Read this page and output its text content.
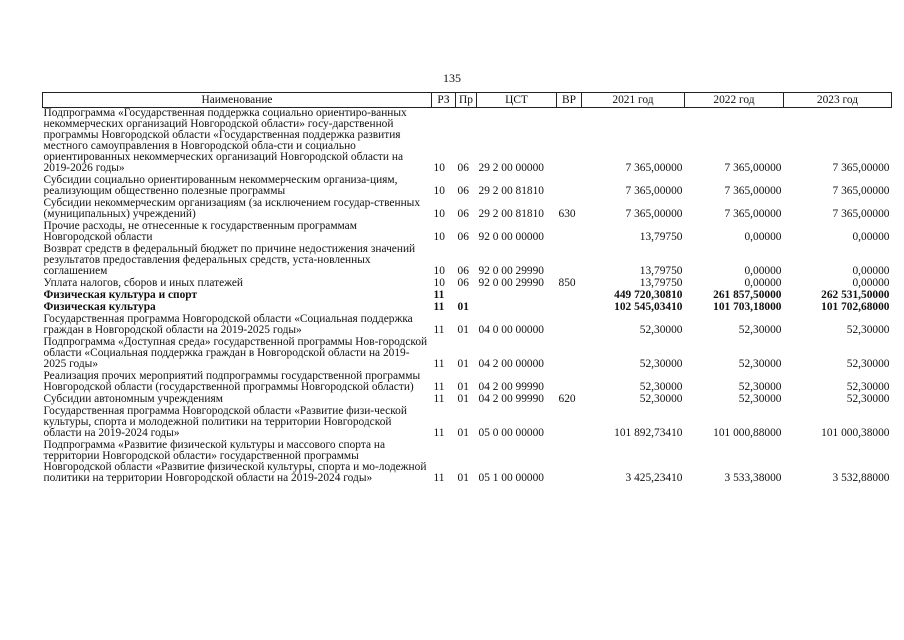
135
Наименование	РЗ	Пр	ЦСТ	ВР	2021 год	2022 год	2023 год
Подпрограмма «Государственная поддержка социально ориентиро-ванных некоммерческих организаций Новгородской области» госу-дарственной программы Новгородской области «Государственная поддержка развития местного самоуправления в Новгородской обла-сти и социально ориентированных некоммерческих организаций Новгородской области на 2019-2026 годы»	10	06	29 2 00 00000		7 365,00000	7 365,00000	7 365,00000
Субсидии социально ориентированным некоммерческим организа-циям, реализующим общественно полезные программы	10	06	29 2 00 81810		7 365,00000	7 365,00000	7 365,00000
Субсидии некоммерческим организациям (за исключением государ-ственных (муниципальных) учреждений)	10	06	29 2 00 81810	630	7 365,00000	7 365,00000	7 365,00000
Прочие расходы, не отнесенные к государственным программам Новгородской области	10	06	92 0 00 00000		13,79750	0,00000	0,00000
Возврат средств в федеральный бюджет по причине недостижения значений результатов предоставления федеральных средств, уста-новленных соглашением	10	06	92 0 00 29990		13,79750	0,00000	0,00000
Уплата налогов, сборов и иных платежей	10	06	92 0 00 29990	850	13,79750	0,00000	0,00000
Физическая культура и спорт	11				449 720,30810	261 857,50000	262 531,50000
Физическая культура	11	01			102 545,03410	101 703,18000	101 702,68000
Государственная программа Новгородской области «Социальная поддержка граждан в Новгородской области на 2019-2025 годы»	11	01	04 0 00 00000		52,30000	52,30000	52,30000
Подпрограмма «Доступная среда» государственной программы Нов-городской области «Социальная поддержка граждан в Новгородской области на 2019-2025 годы»	11	01	04 2 00 00000		52,30000	52,30000	52,30000
Реализация прочих мероприятий подпрограммы государственной программы Новгородской области (государственной программы Новгородской области)	11	01	04 2 00 99990		52,30000	52,30000	52,30000
Субсидии автономным учреждениям	11	01	04 2 00 99990	620	52,30000	52,30000	52,30000
Государственная программа Новгородской области «Развитие физи-ческой культуры, спорта и молодежной политики на территории Новгородской области на 2019-2024 годы»	11	01	05 0 00 00000		101 892,73410	101 000,88000	101 000,38000
Подпрограмма «Развитие физической культуры и массового спорта на территории Новгородской области» государственной программы Новгородской области «Развитие физической культуры, спорта и мо-лодежной политики на территории Новгородской области на 2019-2024 годы»	11	01	05 1 00 00000		3 425,23410	3 533,38000	3 532,88000
